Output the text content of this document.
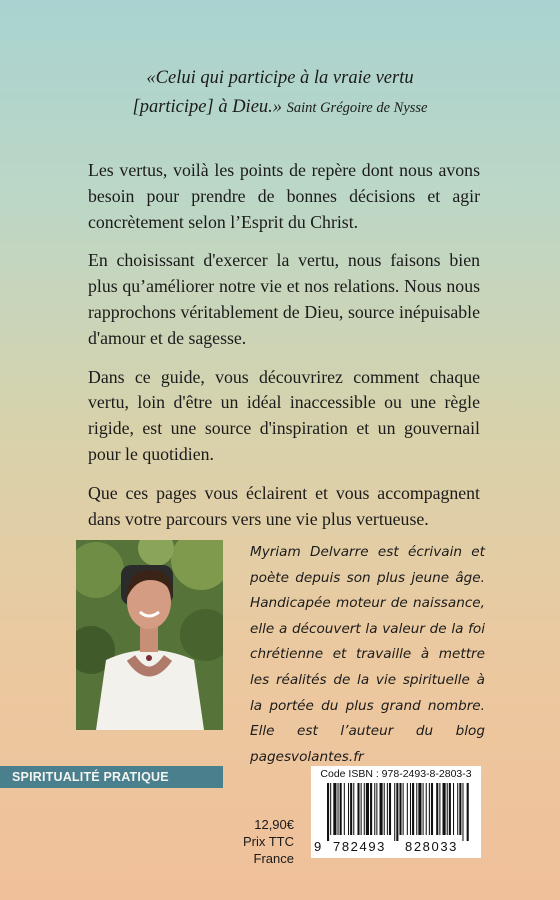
«Celui qui participe à la vraie vertu
[participe] à Dieu.» Saint Grégoire de Nysse

Les vertus, voilà les points de repère dont nous avons besoin pour prendre de bonnes décisions et agir concrètement selon l’Esprit du Christ.

En choisissant d'exercer la vertu, nous faisons bien plus qu’améliorer notre vie et nos relations. Nous nous rapprochons véritablement de Dieu, source inépuisable d'amour et de sagesse.

Dans ce guide, vous découvrirez comment chaque vertu, loin d'être un idéal inaccessible ou une règle rigide, est une source d'inspiration et un gouvernail pour le quotidien.

Que ces pages vous éclairent et vous accompagnent dans votre parcours vers une vie plus vertueuse.

Myriam Delvarre est écrivain et poète depuis son plus jeune âge. Handicapée moteur de naissance, elle a découvert la valeur de la foi chrétienne et travaille à mettre les réalités de la vie spirituelle à la portée du plus grand nombre. Elle est l’auteur du blog pagesvolantes.fr
SPIRITUALITÉ PRATIQUE
12,90€
Prix TTC France
Code ISBN : 978-2493-8-2803-3
9 782493 828033
